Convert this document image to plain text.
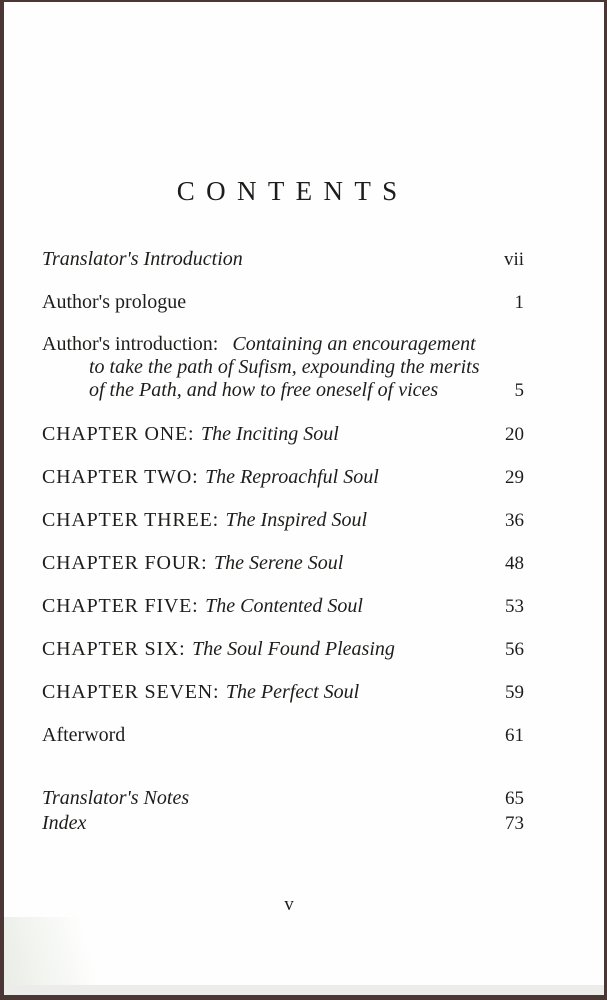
CONTENTS
Translator's Introduction	vii
Author's prologue	1
Author's introduction: Containing an encouragement
to take the path of Sufism, expounding the merits
of the Path, and how to free oneself of vices	5
CHAPTER ONE: The Inciting Soul	20
CHAPTER TWO: The Reproachful Soul	29
CHAPTER THREE: The Inspired Soul	36
CHAPTER FOUR: The Serene Soul	48
CHAPTER FIVE: The Contented Soul	53
CHAPTER SIX: The Soul Found Pleasing	56
CHAPTER SEVEN: The Perfect Soul	59
Afterword	61
Translator's Notes	65
Index	73
v
